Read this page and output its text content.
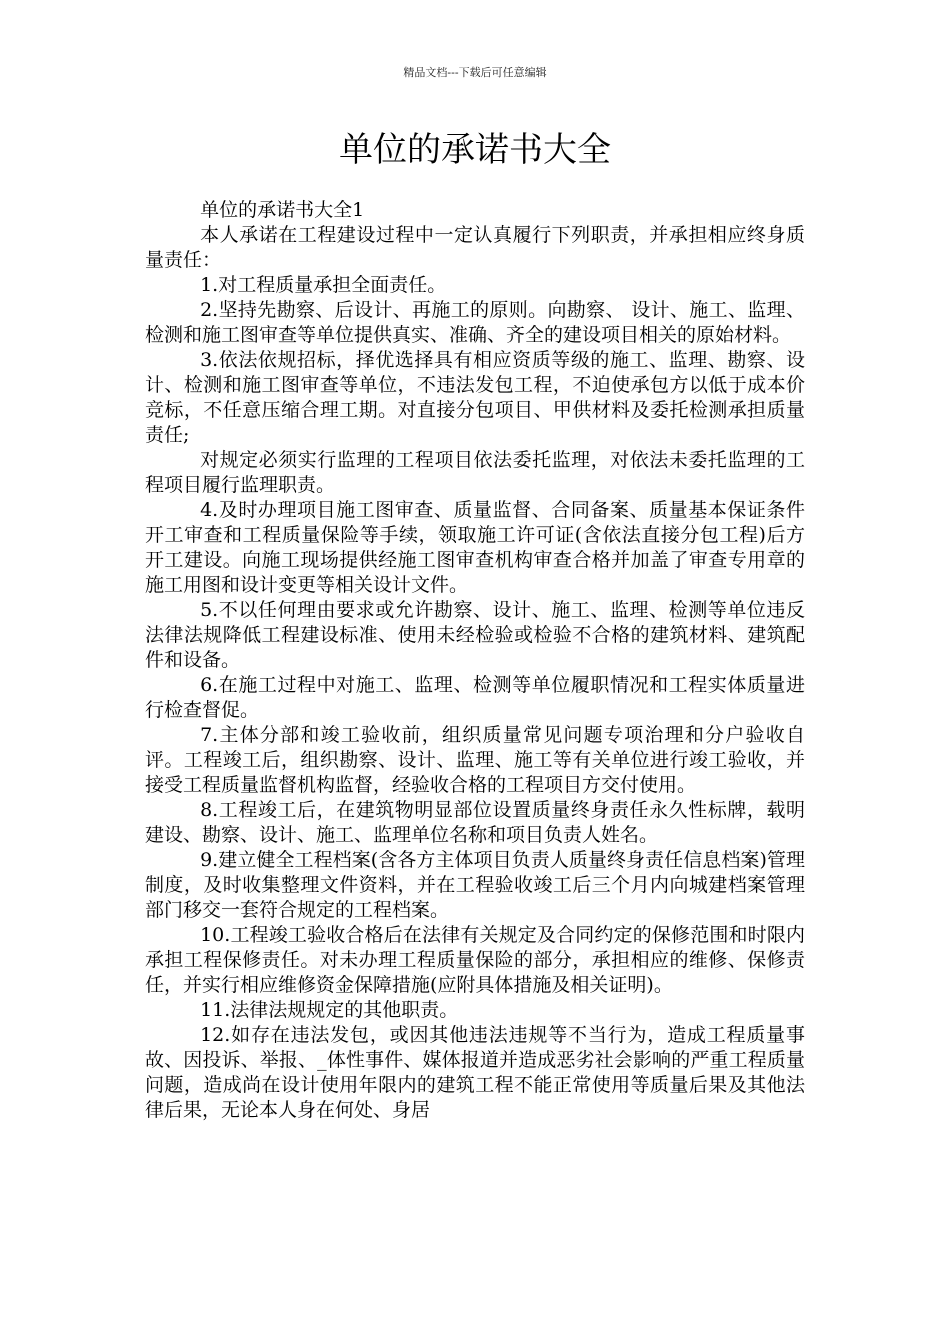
精品文档---下载后可任意编辑
单位的承诺书大全

单位的承诺书大全1

本人承诺在工程建设过程中一定认真履行下列职责，并承担相应终身质量责任：

1.对工程质量承担全面责任。

2.坚持先勘察、后设计、再施工的原则。向勘察、 设计、施工、监理、检测和施工图审查等单位提供真实、准确、齐全的建设项目相关的原始材料。

3.依法依规招标，择优选择具有相应资质等级的施工、监理、勘察、设计、检测和施工图审查等单位，不违法发包工程，不迫使承包方以低于成本价竞标，不任意压缩合理工期。对直接分包项目、甲供材料及委托检测承担质量责任;

对规定必须实行监理的工程项目依法委托监理，对依法未委托监理的工程项目履行监理职责。

4.及时办理项目施工图审查、质量监督、合同备案、质量基本保证条件开工审查和工程质量保险等手续，领取施工许可证(含依法直接分包工程)后方开工建设。向施工现场提供经施工图审查机构审查合格并加盖了审查专用章的施工用图和设计变更等相关设计文件。

5.不以任何理由要求或允许勘察、设计、施工、监理、检测等单位违反法律法规降低工程建设标准、使用未经检验或检验不合格的建筑材料、建筑配件和设备。

6.在施工过程中对施工、监理、检测等单位履职情况和工程实体质量进行检查督促。

7.主体分部和竣工验收前，组织质量常见问题专项治理和分户验收自评。工程竣工后，组织勘察、设计、监理、施工等有关单位进行竣工验收，并接受工程质量监督机构监督，经验收合格的工程项目方交付使用。

8.工程竣工后，在建筑物明显部位设置质量终身责任永久性标牌，载明建设、勘察、设计、施工、监理单位名称和项目负责人姓名。

9.建立健全工程档案(含各方主体项目负责人质量终身责任信息档案)管理制度，及时收集整理文件资料，并在工程验收竣工后三个月内向城建档案管理部门移交一套符合规定的工程档案。

10.工程竣工验收合格后在法律有关规定及合同约定的保修范围和时限内承担工程保修责任。对未办理工程质量保险的部分，承担相应的维修、保修责任，并实行相应维修资金保障措施(应附具体措施及相关证明)。

11.法律法规规定的其他职责。

12.如存在违法发包，或因其他违法违规等不当行为，造成工程质量事故、因投诉、举报、_体性事件、媒体报道并造成恶劣社会影响的严重工程质量问题，造成尚在设计使用年限内的建筑工程不能正常使用等质量后果及其他法律后果，无论本人身在何处、身居
